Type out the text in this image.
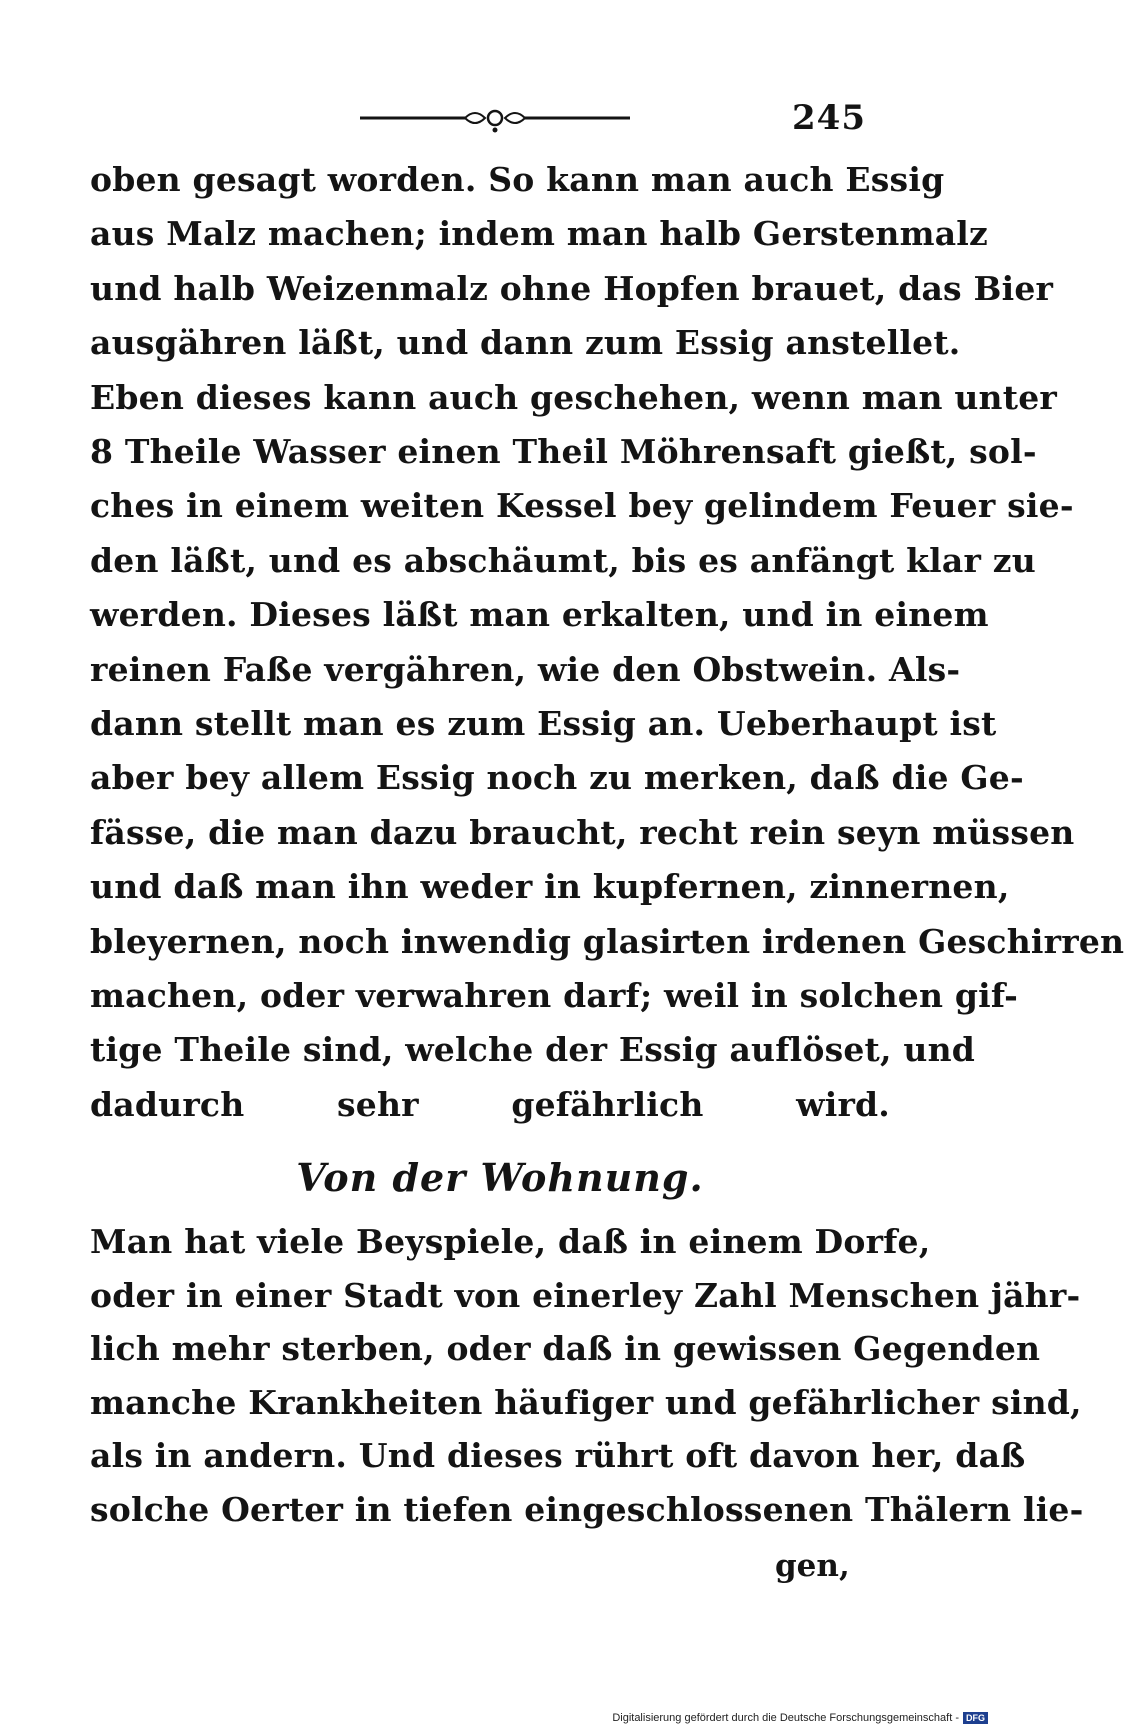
245
oben gesagt worden. So kann man auch Essig
aus Malz machen; indem man halb Gerstenmalz
und halb Weizenmalz ohne Hopfen brauet, das Bier
ausgähren läßt, und dann zum Essig anstellet.
Eben dieses kann auch geschehen, wenn man unter
8 Theile Wasser einen Theil Möhrensaft gießt, sol-
ches in einem weiten Kessel bey gelindem Feuer sie-
den läßt, und es abschäumt, bis es anfängt klar zu
werden. Dieses läßt man erkalten, und in einem
reinen Faße vergähren, wie den Obstwein. Als-
dann stellt man es zum Essig an. Ueberhaupt ist
aber bey allem Essig noch zu merken, daß die Ge-
fässe, die man dazu braucht, recht rein seyn müssen
und daß man ihn weder in kupfernen, zinnernen,
bleyernen, noch inwendig glasirten irdenen Geschirren
machen, oder verwahren darf; weil in solchen gif-
tige Theile sind, welche der Essig auflöset, und
dadurch sehr gefährlich wird.
Von der Wohnung.
Man hat viele Beyspiele, daß in einem Dorfe,
oder in einer Stadt von einerley Zahl Menschen jähr-
lich mehr sterben, oder daß in gewissen Gegenden
manche Krankheiten häufiger und gefährlicher sind,
als in andern. Und dieses rührt oft davon her, daß
solche Oerter in tiefen eingeschlossenen Thälern lie-
gen,
Digitalisierung gefördert durch die Deutsche Forschungsgemeinschaft - DFG
